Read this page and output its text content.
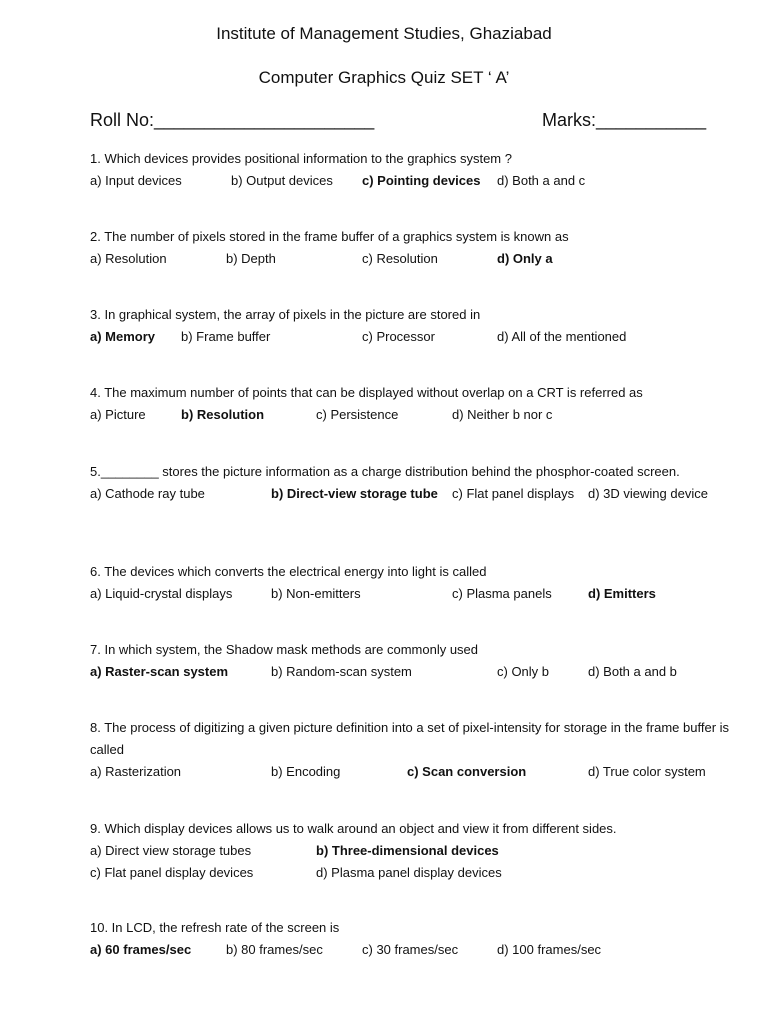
Institute of Management Studies, Ghaziabad
Computer Graphics Quiz SET ‘ A’
Roll No:______________________	Marks:___________
1. Which devices provides positional information to the graphics system ?
a) Input devices	b) Output devices c) Pointing devices d) Both a and c
2. The number of pixels stored in the frame buffer of a graphics system is known as
a) Resolution	b) Depth	c) Resolution	d) Only a
3. In graphical system, the array of pixels in the picture are stored in
a) Memory b) Frame buffer	c) Processor	d) All of the mentioned
4. The maximum number of points that can be displayed without overlap on a CRT is referred as
a) Picture	b) Resolution	c) Persistence	d) Neither b nor c
5.________ stores the picture information as a charge distribution behind the phosphor-coated screen.
a) Cathode ray tube	b) Direct-view storage tube c) Flat panel displays d) 3D viewing device
6. The devices which converts the electrical energy into light is called
a) Liquid-crystal displays	b) Non-emitters	c) Plasma panels	d) Emitters
7. In which system, the Shadow mask methods are commonly used
a) Raster-scan system	b) Random-scan system	c) Only b	d) Both a and b
8. The process of digitizing a given picture definition into a set of pixel-intensity for storage in the frame buffer is called
a) Rasterization	b) Encoding	c) Scan conversion	d) True color system
9. Which display devices allows us to walk around an object and view it from different sides.
a) Direct view storage tubes	b) Three-dimensional devices
c) Flat panel display devices	d) Plasma panel display devices
10. In LCD, the refresh rate of the screen is
a) 60 frames/sec	b) 80 frames/sec	c) 30 frames/sec	d) 100 frames/sec
